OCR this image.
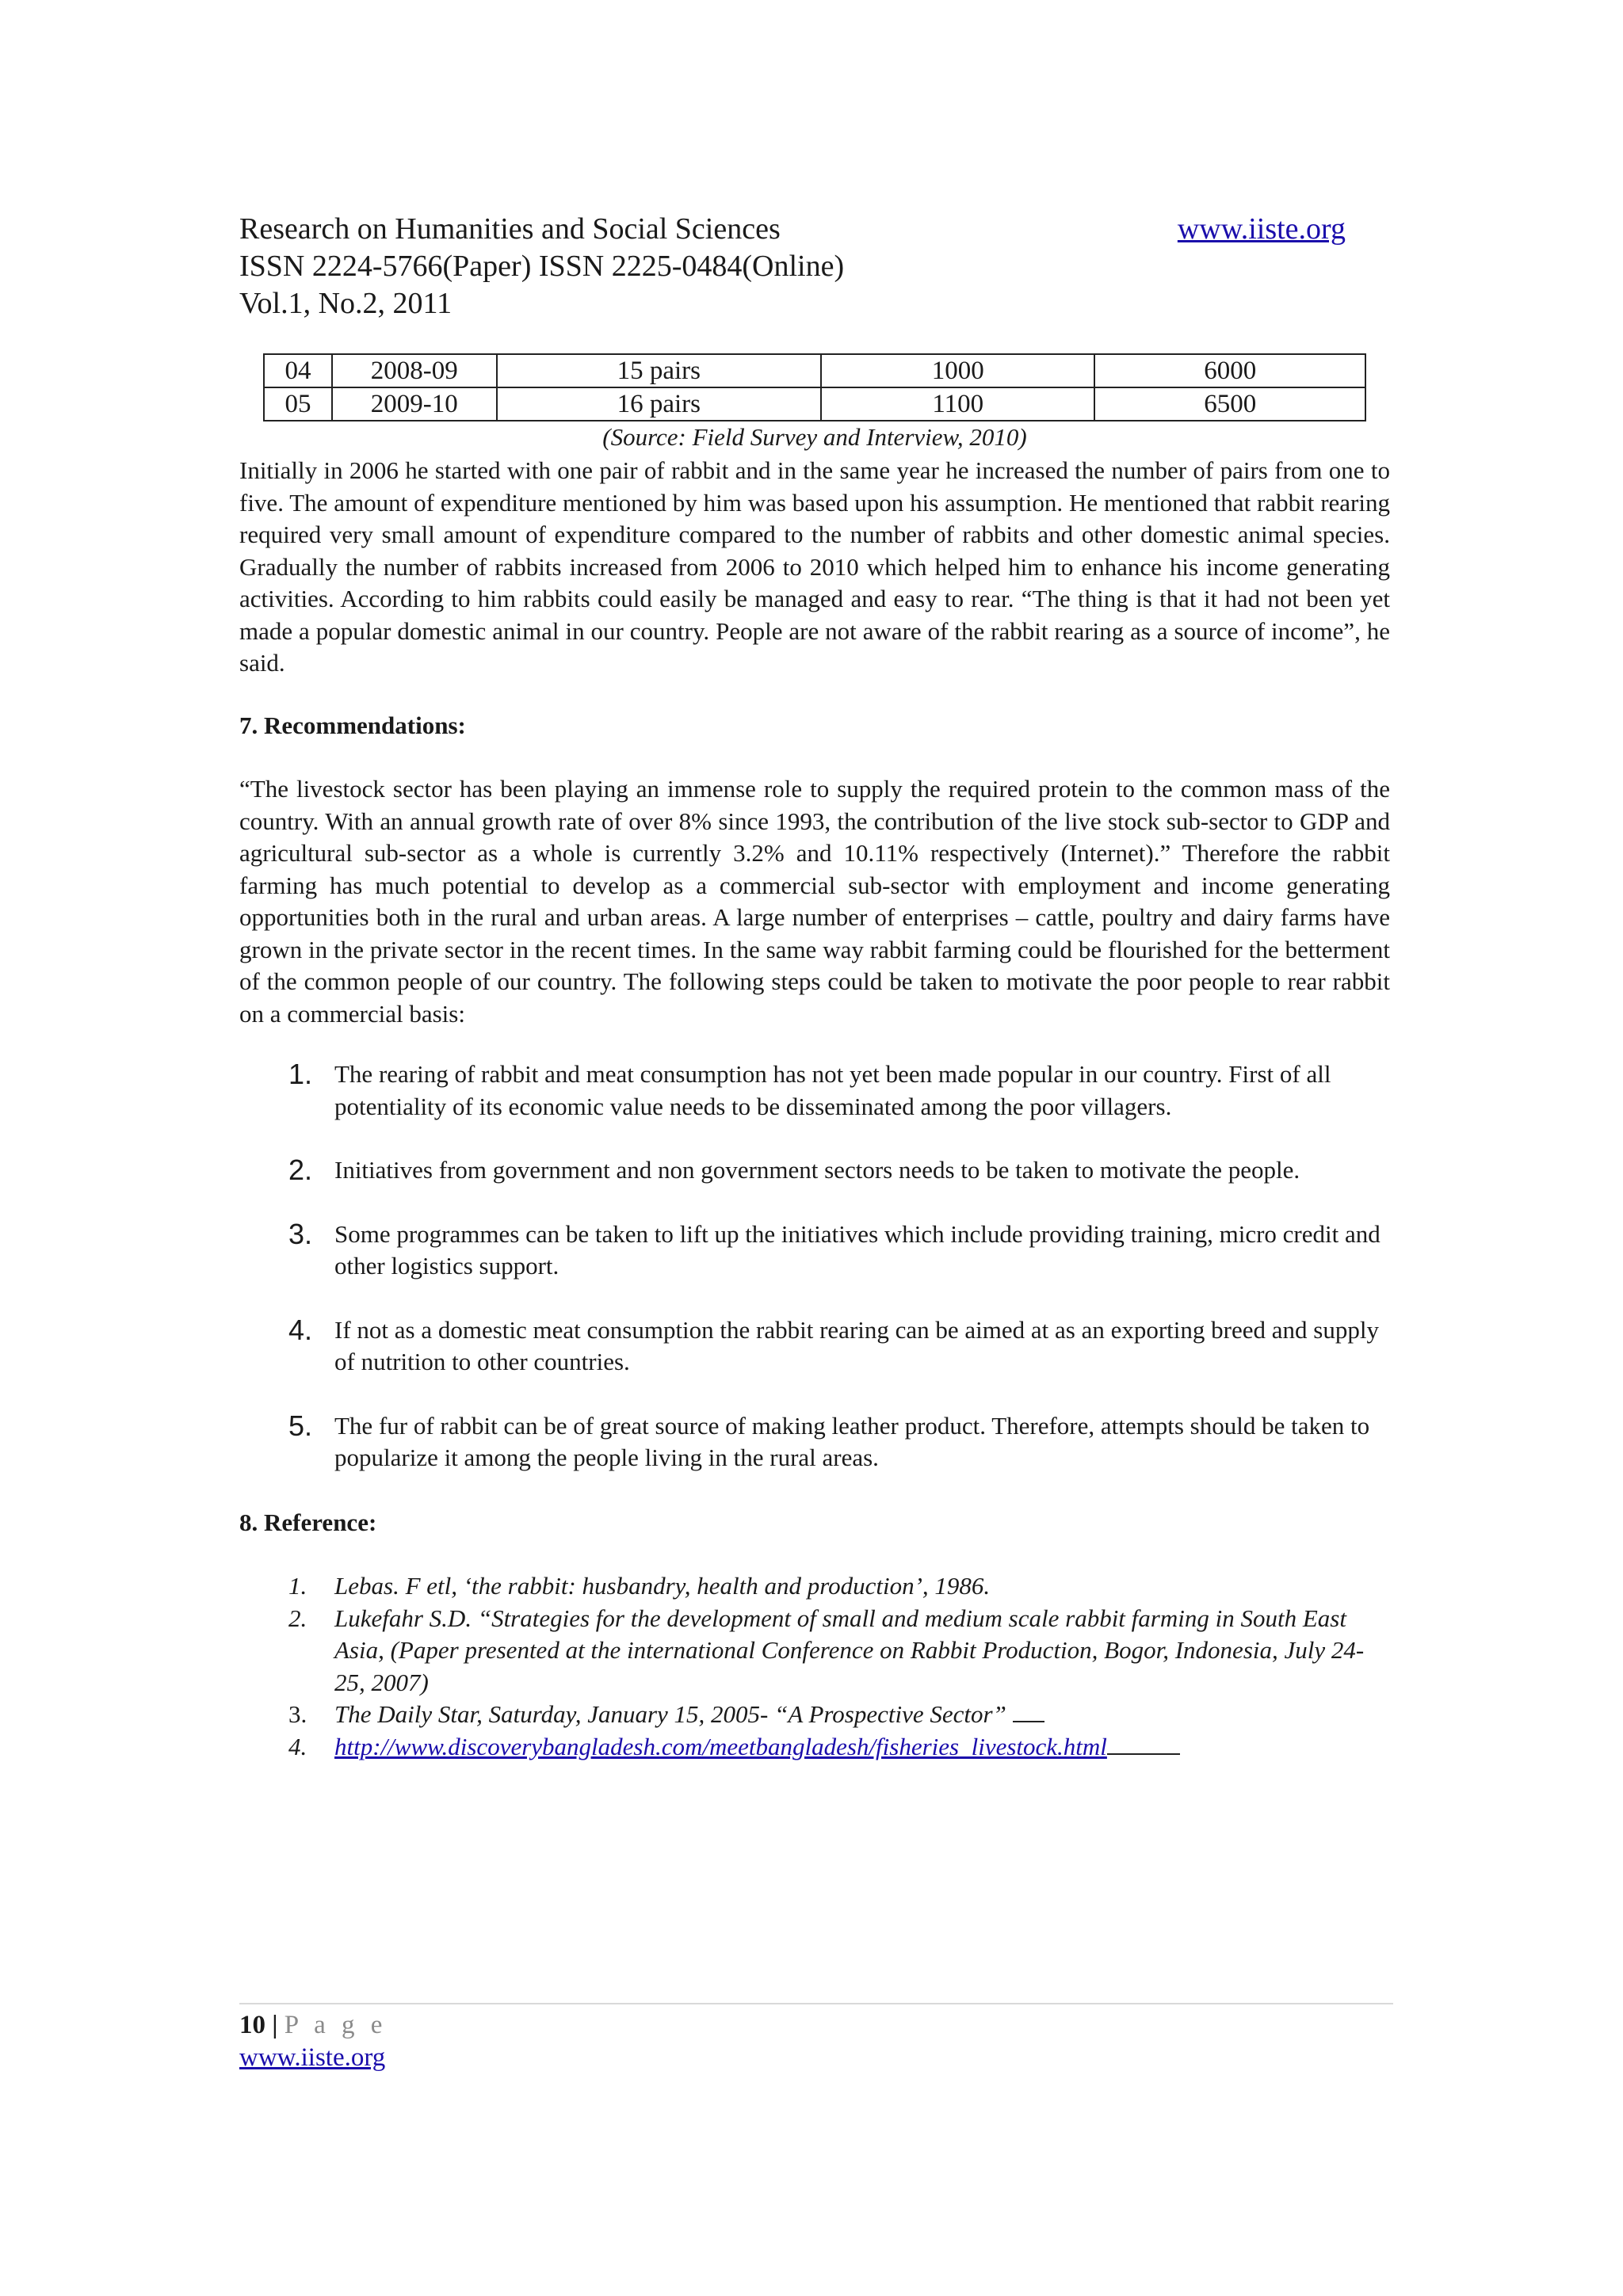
Research on Humanities and Social Sciences	www.iiste.org
ISSN 2224-5766(Paper) ISSN 2225-0484(Online)
Vol.1, No.2, 2011
04	2008-09	15 pairs	1000	6000
05	2009-10	16 pairs	1100	6500
(Source: Field Survey and Interview, 2010)
Initially in 2006 he started with one pair of rabbit and in the same year he increased the number of pairs from one to five. The amount of expenditure mentioned by him was based upon his assumption. He mentioned that rabbit rearing required very small amount of expenditure compared to the number of rabbits and other domestic animal species. Gradually the number of rabbits increased from 2006 to 2010 which helped him to enhance his income generating activities. According to him rabbits could easily be managed and easy to rear. “The thing is that it had not been yet made a popular domestic animal in our country. People are not aware of the rabbit rearing as a source of income”, he said.
7. Recommendations:
“The livestock sector has been playing an immense role to supply the required protein to the common mass of the country. With an annual growth rate of over 8% since 1993, the contribution of the live stock sub-sector to GDP and agricultural sub-sector as a whole is currently 3.2% and 10.11% respectively (Internet).” Therefore the rabbit farming has much potential to develop as a commercial sub-sector with employment and income generating opportunities both in the rural and urban areas. A large number of enterprises – cattle, poultry and dairy farms have grown in the private sector in the recent times. In the same way rabbit farming could be flourished for the betterment of the common people of our country. The following steps could be taken to motivate the poor people to rear rabbit on a commercial basis:
1. The rearing of rabbit and meat consumption has not yet been made popular in our country. First of all potentiality of its economic value needs to be disseminated among the poor villagers.
2. Initiatives from government and non government sectors needs to be taken to motivate the people.
3. Some programmes can be taken to lift up the initiatives which include providing training, micro credit and other logistics support.
4. If not as a domestic meat consumption the rabbit rearing can be aimed at as an exporting breed and supply of nutrition to other countries.
5. The fur of rabbit can be of great source of making leather product. Therefore, attempts should be taken to popularize it among the people living in the rural areas.
8. Reference:
1.	Lebas. F etl, ‘the rabbit: husbandry, health and production’, 1986.
2.	Lukefahr S.D. “Strategies for the development of small and medium scale rabbit farming in South East Asia, (Paper presented at the international Conference on Rabbit Production, Bogor, Indonesia, July 24-25, 2007)
3.	The Daily Star, Saturday, January 15, 2005- “A Prospective Sector”
4.	http://www.discoverybangladesh.com/meetbangladesh/fisheries_livestock.html
10 | P a g e
www.iiste.org
